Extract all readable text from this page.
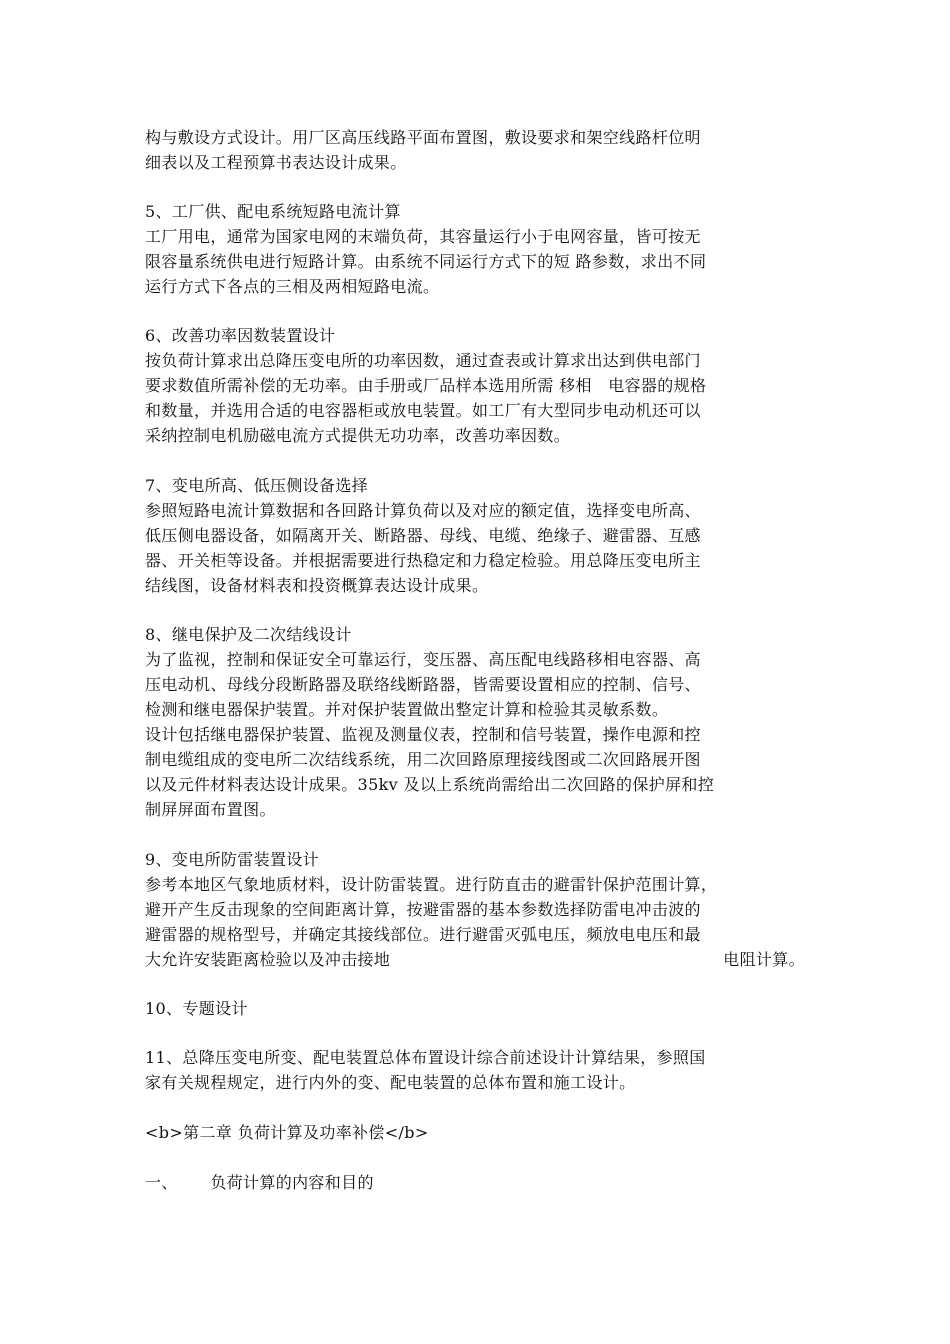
构与敷设方式设计。用厂区高压线路平面布置图，敷设要求和架空线路杆位明
细表以及工程预算书表达设计成果。
5、工厂供、配电系统短路电流计算
工厂用电，通常为国家电网的末端负荷，其容量运行小于电网容量，皆可按无
限容量系统供电进行短路计算。由系统不同运行方式下的短 路参数，求出不同
运行方式下各点的三相及两相短路电流。
6、改善功率因数装置设计
按负荷计算求出总降压变电所的功率因数，通过查表或计算求出达到供电部门
要求数值所需补偿的无功率。由手册或厂品样本选用所需 移相   电容器的规格
和数量，并选用合适的电容器柜或放电装置。如工厂有大型同步电动机还可以
采纳控制电机励磁电流方式提供无功功率，改善功率因数。
7、变电所高、低压侧设备选择
参照短路电流计算数据和各回路计算负荷以及对应的额定值，选择变电所高、
低压侧电器设备，如隔离开关、断路器、母线、电缆、绝缘子、避雷器、互感
器、开关柜等设备。并根据需要进行热稳定和力稳定检验。用总降压变电所主
结线图，设备材料表和投资概算表达设计成果。
8、继电保护及二次结线设计
为了监视，控制和保证安全可靠运行，变压器、高压配电线路移相电容器、高
压电动机、母线分段断路器及联络线断路器，皆需要设置相应的控制、信号、
检测和继电器保护装置。并对保护装置做出整定计算和检验其灵敏系数。
设计包括继电器保护装置、监视及测量仪表，控制和信号装置，操作电源和控
制电缆组成的变电所二次结线系统，用二次回路原理接线图或二次回路展开图
以及元件材料表达设计成果。35kv 及以上系统尚需给出二次回路的保护屏和控
制屏屏面布置图。
9、变电所防雷装置设计
参考本地区气象地质材料，设计防雷装置。进行防直击的避雷针保护范围计算，
避开产生反击现象的空间距离计算，按避雷器的基本参数选择防雷电冲击波的
避雷器的规格型号，并确定其接线部位。进行避雷灭弧电压，频放电电压和最
大允许安装距离检验以及冲击接地	电阻计算。
10、专题设计
11、总降压变电所变、配电装置总体布置设计综合前述设计计算结果，参照国
家有关规程规定，进行内外的变、配电装置的总体布置和施工设计。
<b>第二章 负荷计算及功率补偿</b>
一、      负荷计算的内容和目的
